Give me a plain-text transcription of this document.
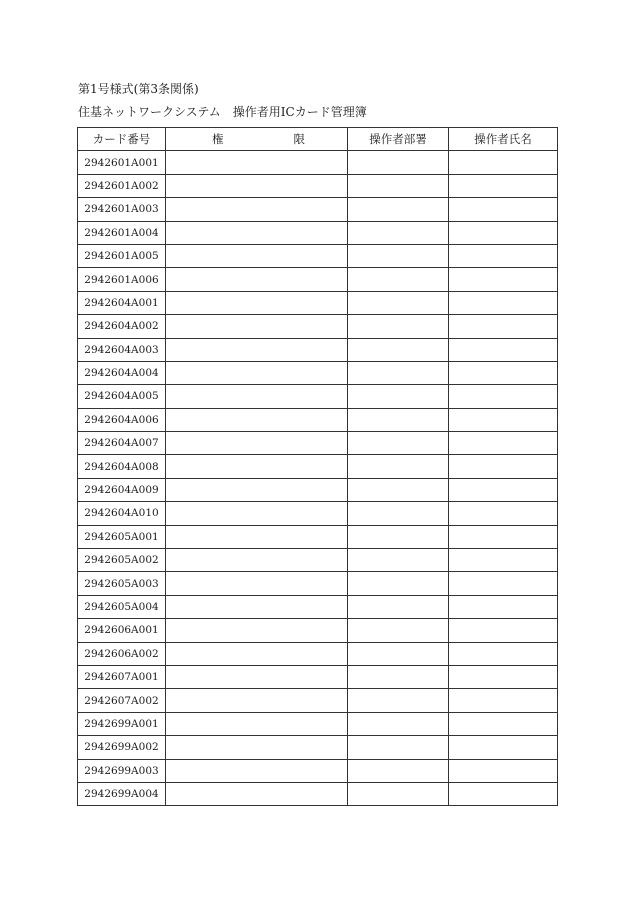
第1号様式(第3条関係)
住基ネットワークシステム　操作者用ICカード管理簿
カード番号	権 限	操作者部署	操作者氏名
2942601A001			
2942601A002			
2942601A003			
2942601A004			
2942601A005			
2942601A006			
2942604A001			
2942604A002			
2942604A003			
2942604A004			
2942604A005			
2942604A006			
2942604A007			
2942604A008			
2942604A009			
2942604A010			
2942605A001			
2942605A002			
2942605A003			
2942605A004			
2942606A001			
2942606A002			
2942607A001			
2942607A002			
2942699A001			
2942699A002			
2942699A003			
2942699A004			
